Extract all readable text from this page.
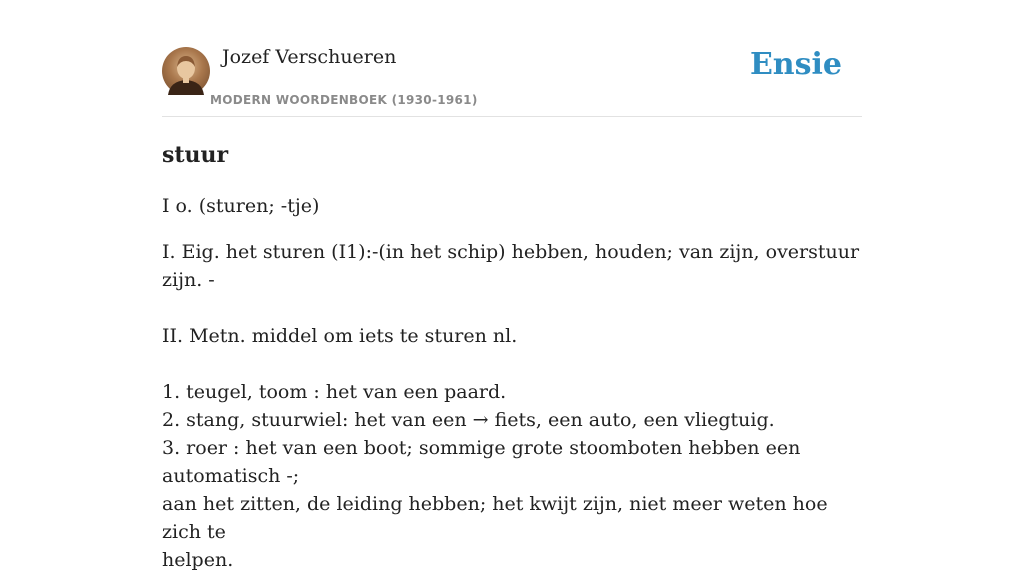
Jozef Verschueren
MODERN WOORDENBOEK (1930-1961)
Ensie
stuur
I o. (sturen; -tje)
I. Eig. het sturen (I1):-(in het schip) hebben, houden; van zijn, overstuur zijn. -
II. Metn. middel om iets te sturen nl.
1. teugel, toom : het van een paard.
2. stang, stuurwiel: het van een → fiets, een auto, een vliegtuig.
3. roer : het van een boot; sommige grote stoomboten hebben een automatisch -;
aan het zitten, de leiding hebben; het kwijt zijn, niet meer weten hoe zich te
helpen.
